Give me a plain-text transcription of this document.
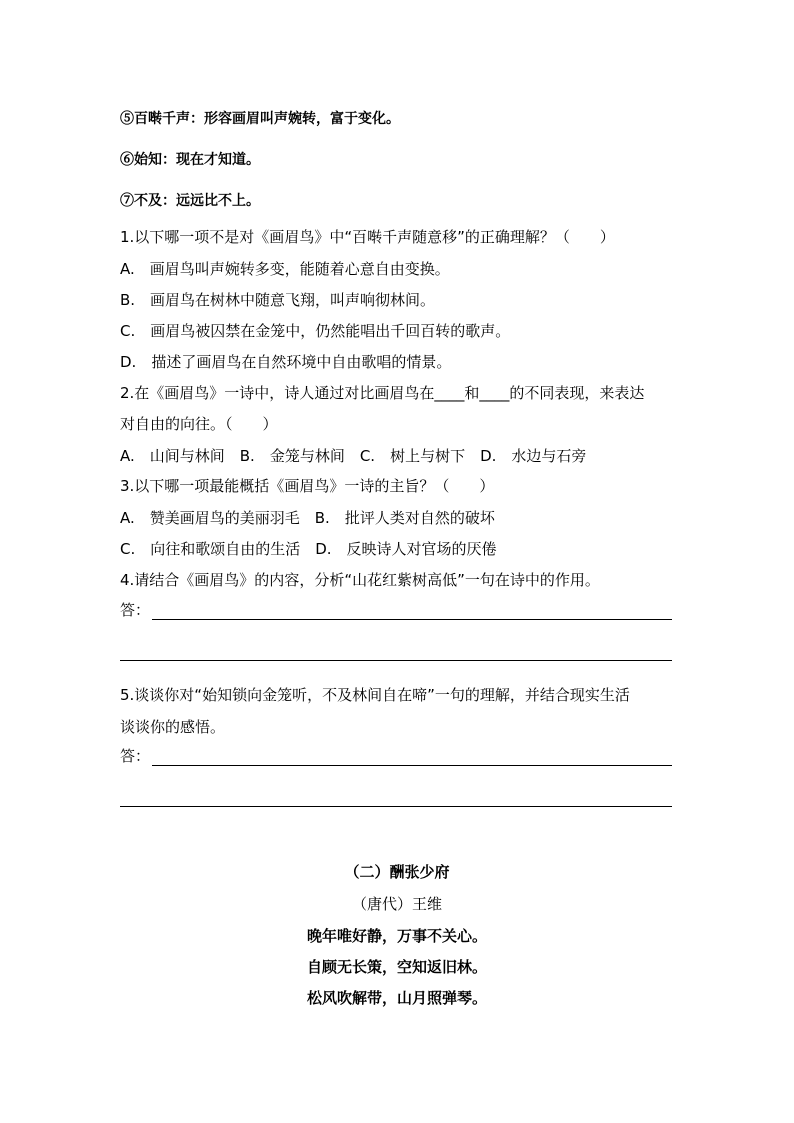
⑤百啭千声：形容画眉叫声婉转，富于变化。
⑥始知：现在才知道。
⑦不及：远远比不上。
1.以下哪一项不是对《画眉鸟》中“百啭千声随意移”的正确理解？（　　）
A.　画眉鸟叫声婉转多变，能随着心意自由变换。
B.　画眉鸟在树林中随意飞翔，叫声响彻林间。
C.　画眉鸟被囚禁在金笼中，仍然能唱出千回百转的歌声。
D.　描述了画眉鸟在自然环境中自由歌唱的情景。
2.在《画眉鸟》一诗中，诗人通过对比画眉鸟在____和____的不同表现，来表达
对自由的向往。（　　）
A.　山间与林间　B.　金笼与林间　C.　树上与树下　D.　水边与石旁
3.以下哪一项最能概括《画眉鸟》一诗的主旨？（　　）
A.　赞美画眉鸟的美丽羽毛　B.　批评人类对自然的破坏
C.　向往和歌颂自由的生活　D.　反映诗人对官场的厌倦
4.请结合《画眉鸟》的内容，分析“山花红紫树高低”一句在诗中的作用。
答：
5.谈谈你对“始知锁向金笼听，不及林间自在啼”一句的理解，并结合现实生活
谈谈你的感悟。
答：
（二）酬张少府
（唐代）王维
晚年唯好静，万事不关心。
自顾无长策，空知返旧林。
松风吹解带，山月照弹琴。
